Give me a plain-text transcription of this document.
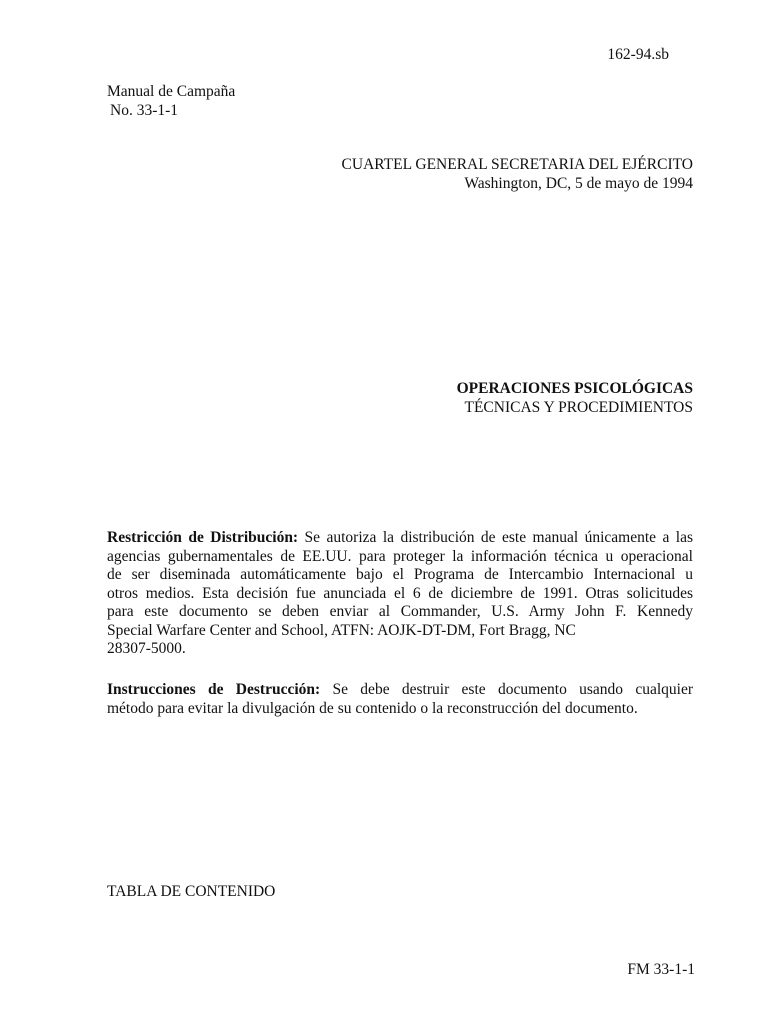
162-94.sb
Manual de Campaña
No. 33-1-1
CUARTEL GENERAL SECRETARIA DEL EJÉRCITO
Washington, DC, 5 de mayo de 1994
OPERACIONES PSICOLÓGICAS
TÉCNICAS Y PROCEDIMIENTOS
Restricción de Distribución: Se autoriza la distribución de este manual únicamente a las
agencias gubernamentales de EE.UU. para proteger la información técnica u operacional
de ser diseminada automáticamente bajo el Programa de Intercambio Internacional u
otros medios. Esta decisión fue anunciada el 6 de diciembre de 1991. Otras solicitudes
para este documento se deben enviar al Commander, U.S. Army John F. Kennedy
Special Warfare Center and School, ATFN: AOJK-DT-DM, Fort Bragg, NC
28307-5000.
Instrucciones de Destrucción: Se debe destruir este documento usando cualquier
método para evitar la divulgación de su contenido o la reconstrucción del documento.
TABLA DE CONTENIDO
FM 33-1-1
